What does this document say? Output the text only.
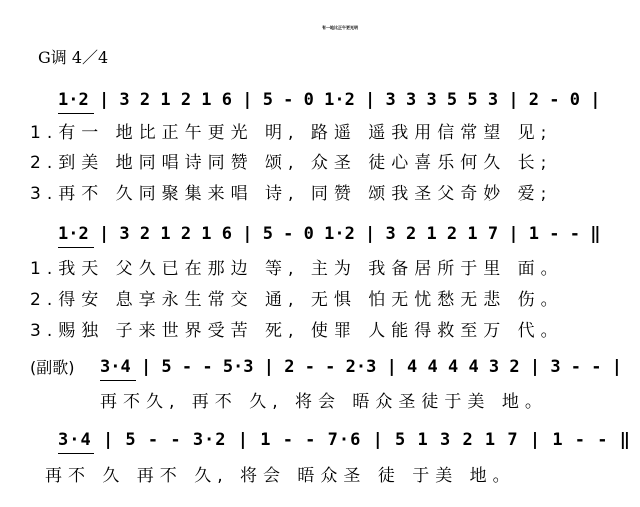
有一地比正午更光明
G调 4／4
1·2 | 3 2 1 2 1 6 | 5 - 0 1·2 | 3 3 3 5 5 3 | 2 - 0 |
1.有一 地比正午更光 明, 路遥 遥我用信常望 见;
2.到美 地同唱诗同赞 颂, 众圣 徒心喜乐何久 长;
3.再不 久同聚集来唱 诗, 同赞 颂我圣父奇妙 爱;
1·2 | 3 2 1 2 1 6 | 5 - 0 1·2 | 3 2 1 2 1 7 | 1 - - ‖
1.我天 父久已在那边 等, 主为 我备居所于里 面。
2.得安 息享永生常交 通, 无惧 怕无忧愁无悲 伤。
3.赐独 子来世界受苦 死, 使罪 人能得救至万 代。
(副歌) 3·4 | 5 - - 5·3 | 2 - - 2·3 | 4 4 4 4 3 2 | 3 - - |
再不久, 再不 久, 将会 晤众圣徒于美 地。
3·4 | 5 - - 3·2 | 1 - - 7·6 | 5 1 3 2 1 7 | 1 - - ‖
再不 久 再不 久, 将会 晤众圣 徒 于美 地。
